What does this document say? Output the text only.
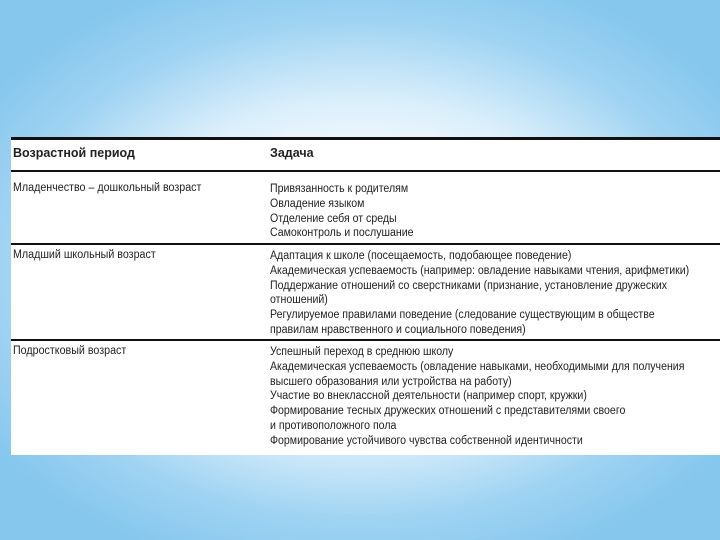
Возрастной период	Задача
Младенчество – дошкольный возраст	Привязанность к родителям
Овладение языком
Отделение себя от среды
Самоконтроль и послушание
Младший школьный возраст	Адаптация к школе (посещаемость, подобающее поведение)
Академическая успеваемость (например: овладение навыками чтения, арифметики)
Поддержание отношений со сверстниками (признание, установление дружеских
отношений)
Регулируемое правилами поведение (следование существующим в обществе
правилам нравственного и социального поведения)
Подростковый возраст	Успешный переход в среднюю школу
Академическая успеваемость (овладение навыками, необходимыми для получения
высшего образования или устройства на работу)
Участие во внеклассной деятельности (например спорт, кружки)
Формирование тесных дружеских отношений с представителями своего
и противоположного пола
Формирование устойчивого чувства собственной идентичности
